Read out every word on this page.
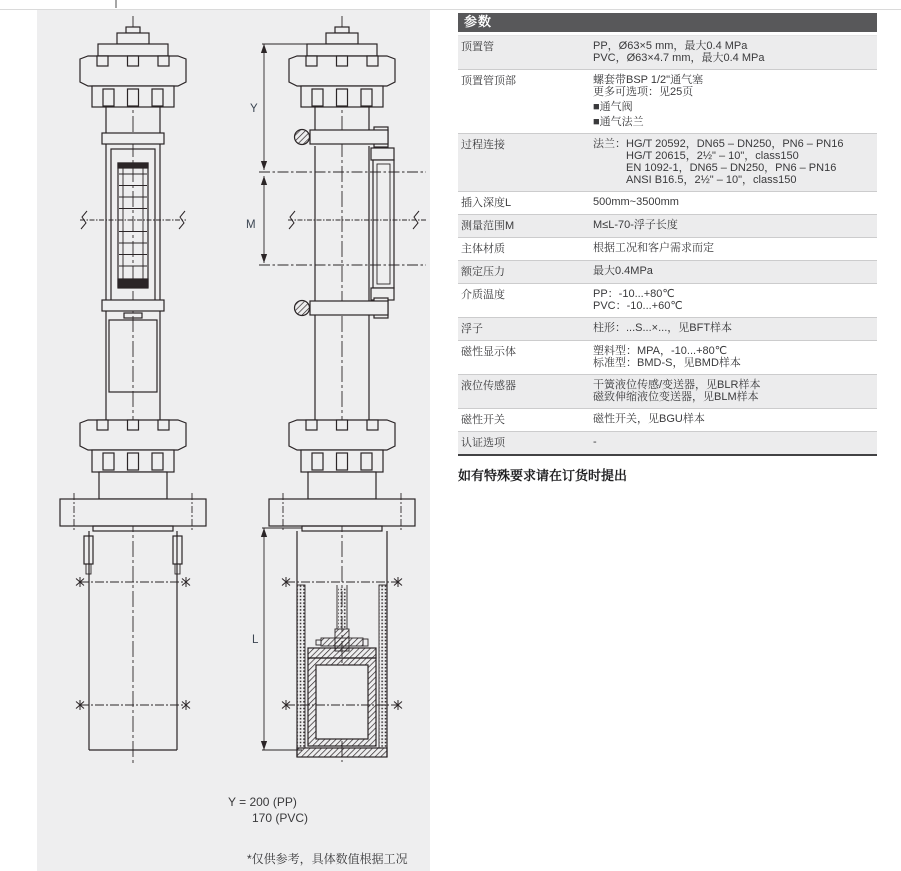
Y
M
L
Y = 200 (PP)
170 (PVC)
*仅供参考，具体数值根据工况
参数
顶置管	PP，Ø63×5 mm，最大0.4 MPa
PVC，Ø63×4.7 mm，最大0.4 MPa
顶置管顶部	螺套带BSP 1/2"通气塞
更多可选项：见25页
■通气阀
■通气法兰
过程连接	法兰：HG/T 20592，DN65 – DN250，PN6 – PN16
HG/T 20615，2½" – 10"，class150
EN 1092-1，DN65 – DN250，PN6 – PN16
ANSI B16.5，2½" – 10"，class150
插入深度L	500mm~3500mm
测量范围M	M≤L-70-浮子长度
主体材质	根据工况和客户需求而定
额定压力	最大0.4MPa
介质温度	PP：-10...+80℃
PVC：-10...+60℃
浮子	柱形：...S...×...，见BFT样本
磁性显示体	塑料型：MPA，-10...+80℃
标准型：BMD-S，见BMD样本
液位传感器	干簧液位传感/变送器，见BLR样本
磁致伸缩液位变送器，见BLM样本
磁性开关	磁性开关，见BGU样本
认证选项	-
如有特殊要求请在订货时提出
